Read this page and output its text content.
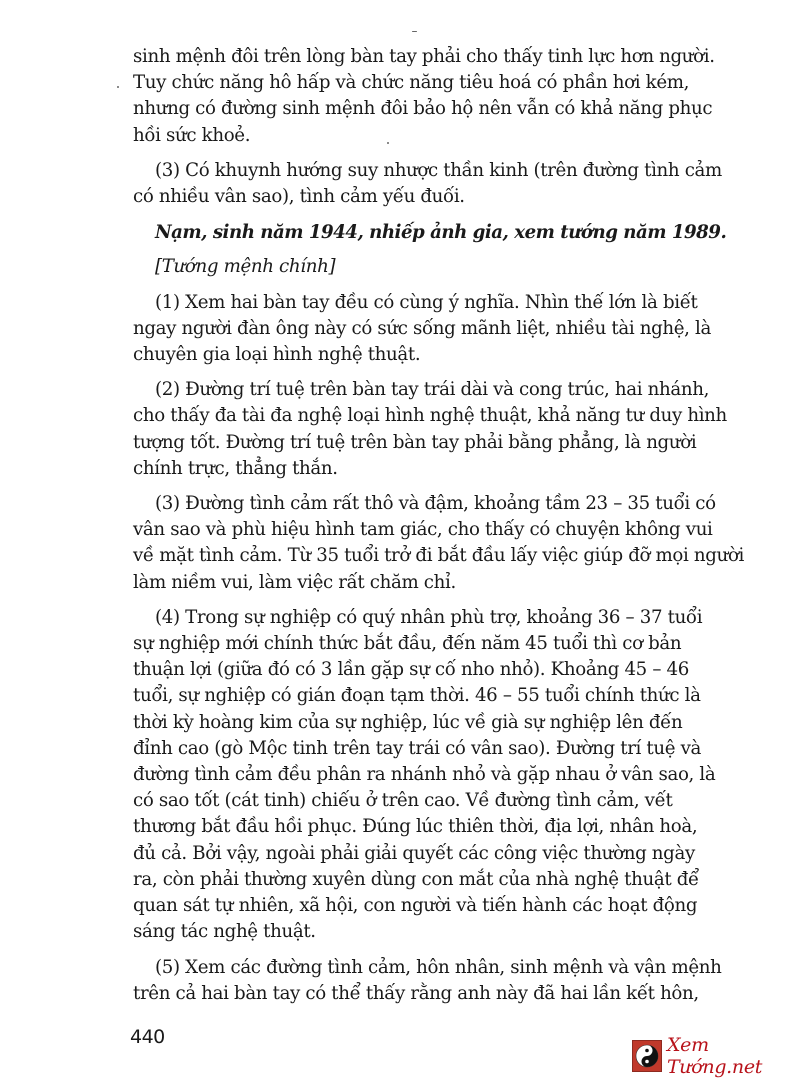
sinh mệnh đôi trên lòng bàn tay phải cho thấy tinh lực hơn người.
Tuy chức năng hô hấp và chức năng tiêu hoá có phần hơi kém,
nhưng có đường sinh mệnh đôi bảo hộ nên vẫn có khả năng phục
hồi sức khoẻ.

(3) Có khuynh hướng suy nhược thần kinh (trên đường tình cảm
có nhiều vân sao), tình cảm yếu đuối.

Nạm, sinh năm 1944, nhiếp ảnh gia, xem tướng năm 1989.

[Tướng mệnh chính]

(1) Xem hai bàn tay đều có cùng ý nghĩa. Nhìn thế lớn là biết
ngay người đàn ông này có sức sống mãnh liệt, nhiều tài nghệ, là
chuyên gia loại hình nghệ thuật.

(2) Đường trí tuệ trên bàn tay trái dài và cong trúc, hai nhánh,
cho thấy đa tài đa nghệ loại hình nghệ thuật, khả năng tư duy hình
tượng tốt. Đường trí tuệ trên bàn tay phải bằng phẳng, là người
chính trực, thẳng thắn.

(3) Đường tình cảm rất thô và đậm, khoảng tầm 23 – 35 tuổi có
vân sao và phù hiệu hình tam giác, cho thấy có chuyện không vui
về mặt tình cảm. Từ 35 tuổi trở đi bắt đầu lấy việc giúp đỡ mọi người
làm niềm vui, làm việc rất chăm chỉ.

(4) Trong sự nghiệp có quý nhân phù trợ, khoảng 36 – 37 tuổi
sự nghiệp mới chính thức bắt đầu, đến năm 45 tuổi thì cơ bản
thuận lợi (giữa đó có 3 lần gặp sự cố nho nhỏ). Khoảng 45 – 46
tuổi, sự nghiệp có gián đoạn tạm thời. 46 – 55 tuổi chính thức là
thời kỳ hoàng kim của sự nghiệp, lúc về già sự nghiệp lên đến
đỉnh cao (gò Mộc tinh trên tay trái có vân sao). Đường trí tuệ và
đường tình cảm đều phân ra nhánh nhỏ và gặp nhau ở vân sao, là
có sao tốt (cát tinh) chiếu ở trên cao. Về đường tình cảm, vết
thương bắt đầu hồi phục. Đúng lúc thiên thời, địa lợi, nhân hoà,
đủ cả. Bởi vậy, ngoài phải giải quyết các công việc thường ngày
ra, còn phải thường xuyên dùng con mắt của nhà nghệ thuật để
quan sát tự nhiên, xã hội, con người và tiến hành các hoạt động
sáng tác nghệ thuật.

(5) Xem các đường tình cảm, hôn nhân, sinh mệnh và vận mệnh
trên cả hai bàn tay có thể thấy rằng anh này đã hai lần kết hôn,

440	Xem Tướng.net
